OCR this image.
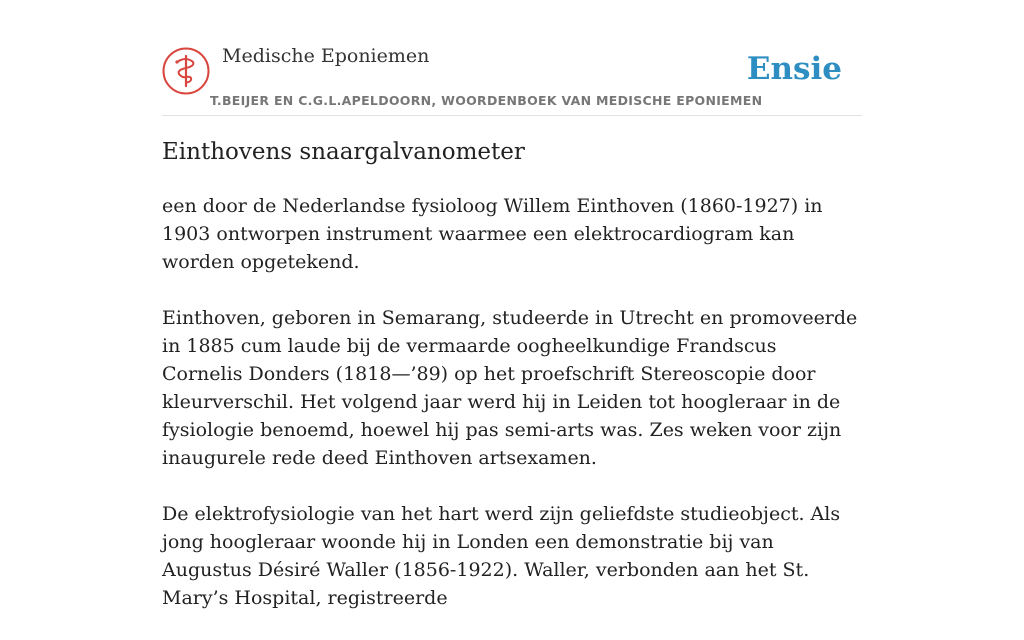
Medische Eponiemen
T.BEIJER EN C.G.L.APELDOORN, WOORDENBOEK VAN MEDISCHE EPONIEMEN
Ensie
Einthovens snaargalvanometer

een door de Nederlandse fysioloog Willem Einthoven (1860-1927) in 1903 ontworpen instrument waarmee een elektrocardiogram kan worden opgetekend.

Einthoven, geboren in Semarang, studeerde in Utrecht en promoveerde in 1885 cum laude bij de vermaarde oogheelkundige Frandscus Cornelis Donders (1818—’89) op het proefschrift Stereoscopie door kleurverschil. Het volgend jaar werd hij in Leiden tot hoogleraar in de fysiologie benoemd, hoewel hij pas semi-arts was. Zes weken voor zijn inaugurele rede deed Einthoven artsexamen.

De elektrofysiologie van het hart werd zijn geliefdste studieobject. Als jong hoogleraar woonde hij in Londen een demonstratie bij van Augustus Désiré Waller (1856-1922). Waller, verbonden aan het St. Mary’s Hospital, registreerde
